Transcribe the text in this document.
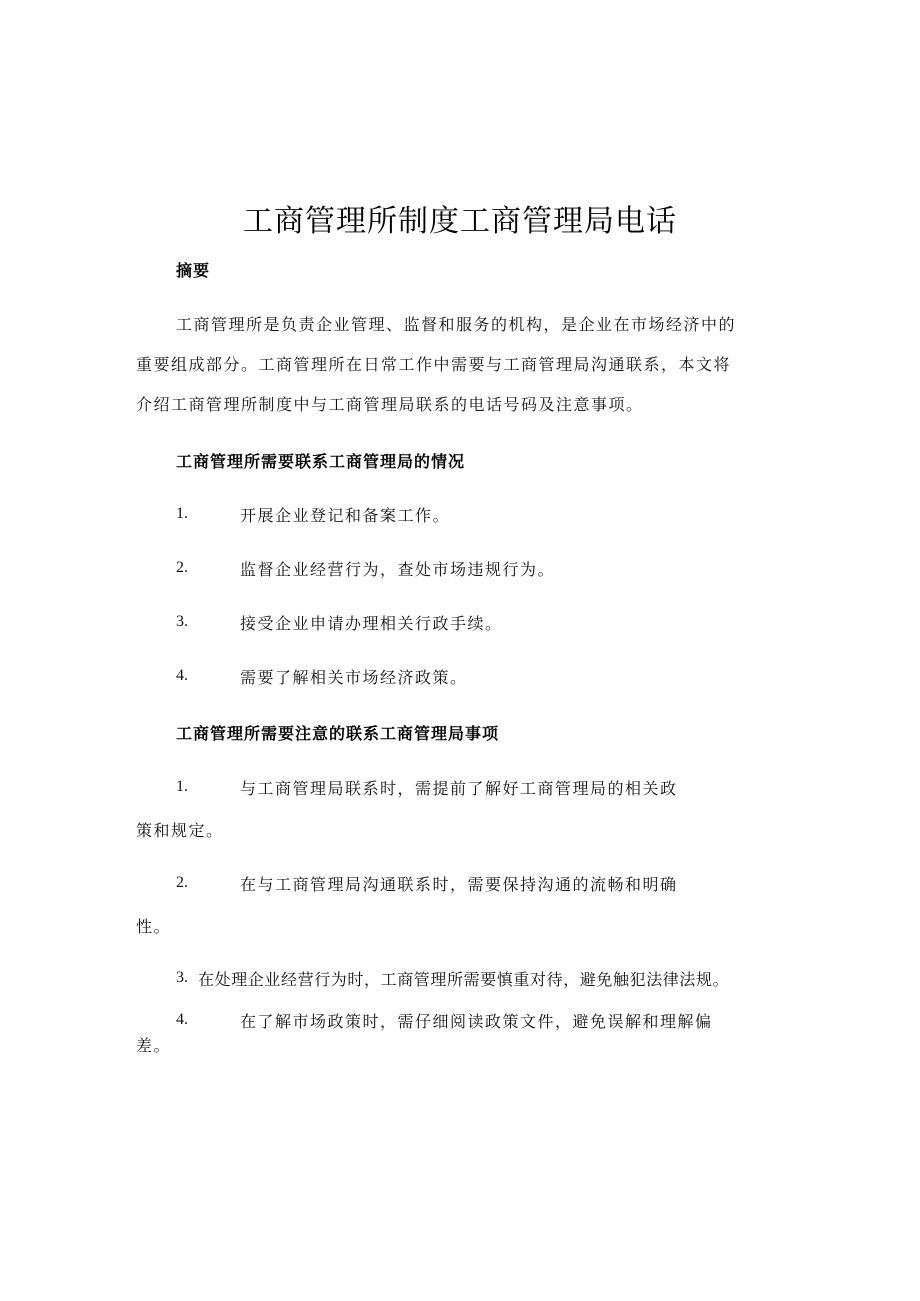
工商管理所制度工商管理局电话
摘要
工商管理所是负责企业管理、监督和服务的机构，是企业在市场经济中的
重要组成部分。工商管理所在日常工作中需要与工商管理局沟通联系，本文将
介绍工商管理所制度中与工商管理局联系的电话号码及注意事项。
工商管理所需要联系工商管理局的情况
1.	开展企业登记和备案工作。
2.	监督企业经营行为，查处市场违规行为。
3.	接受企业申请办理相关行政手续。
4.	需要了解相关市场经济政策。
工商管理所需要注意的联系工商管理局事项
1.	与工商管理局联系时，需提前了解好工商管理局的相关政
策和规定。
2.	在与工商管理局沟通联系时，需要保持沟通的流畅和明确
性。
3. 在处理企业经营行为时，工商管理所需要慎重对待，避免触犯法律法规。
4.	在了解市场政策时，需仔细阅读政策文件，避免误解和理解偏
差。
